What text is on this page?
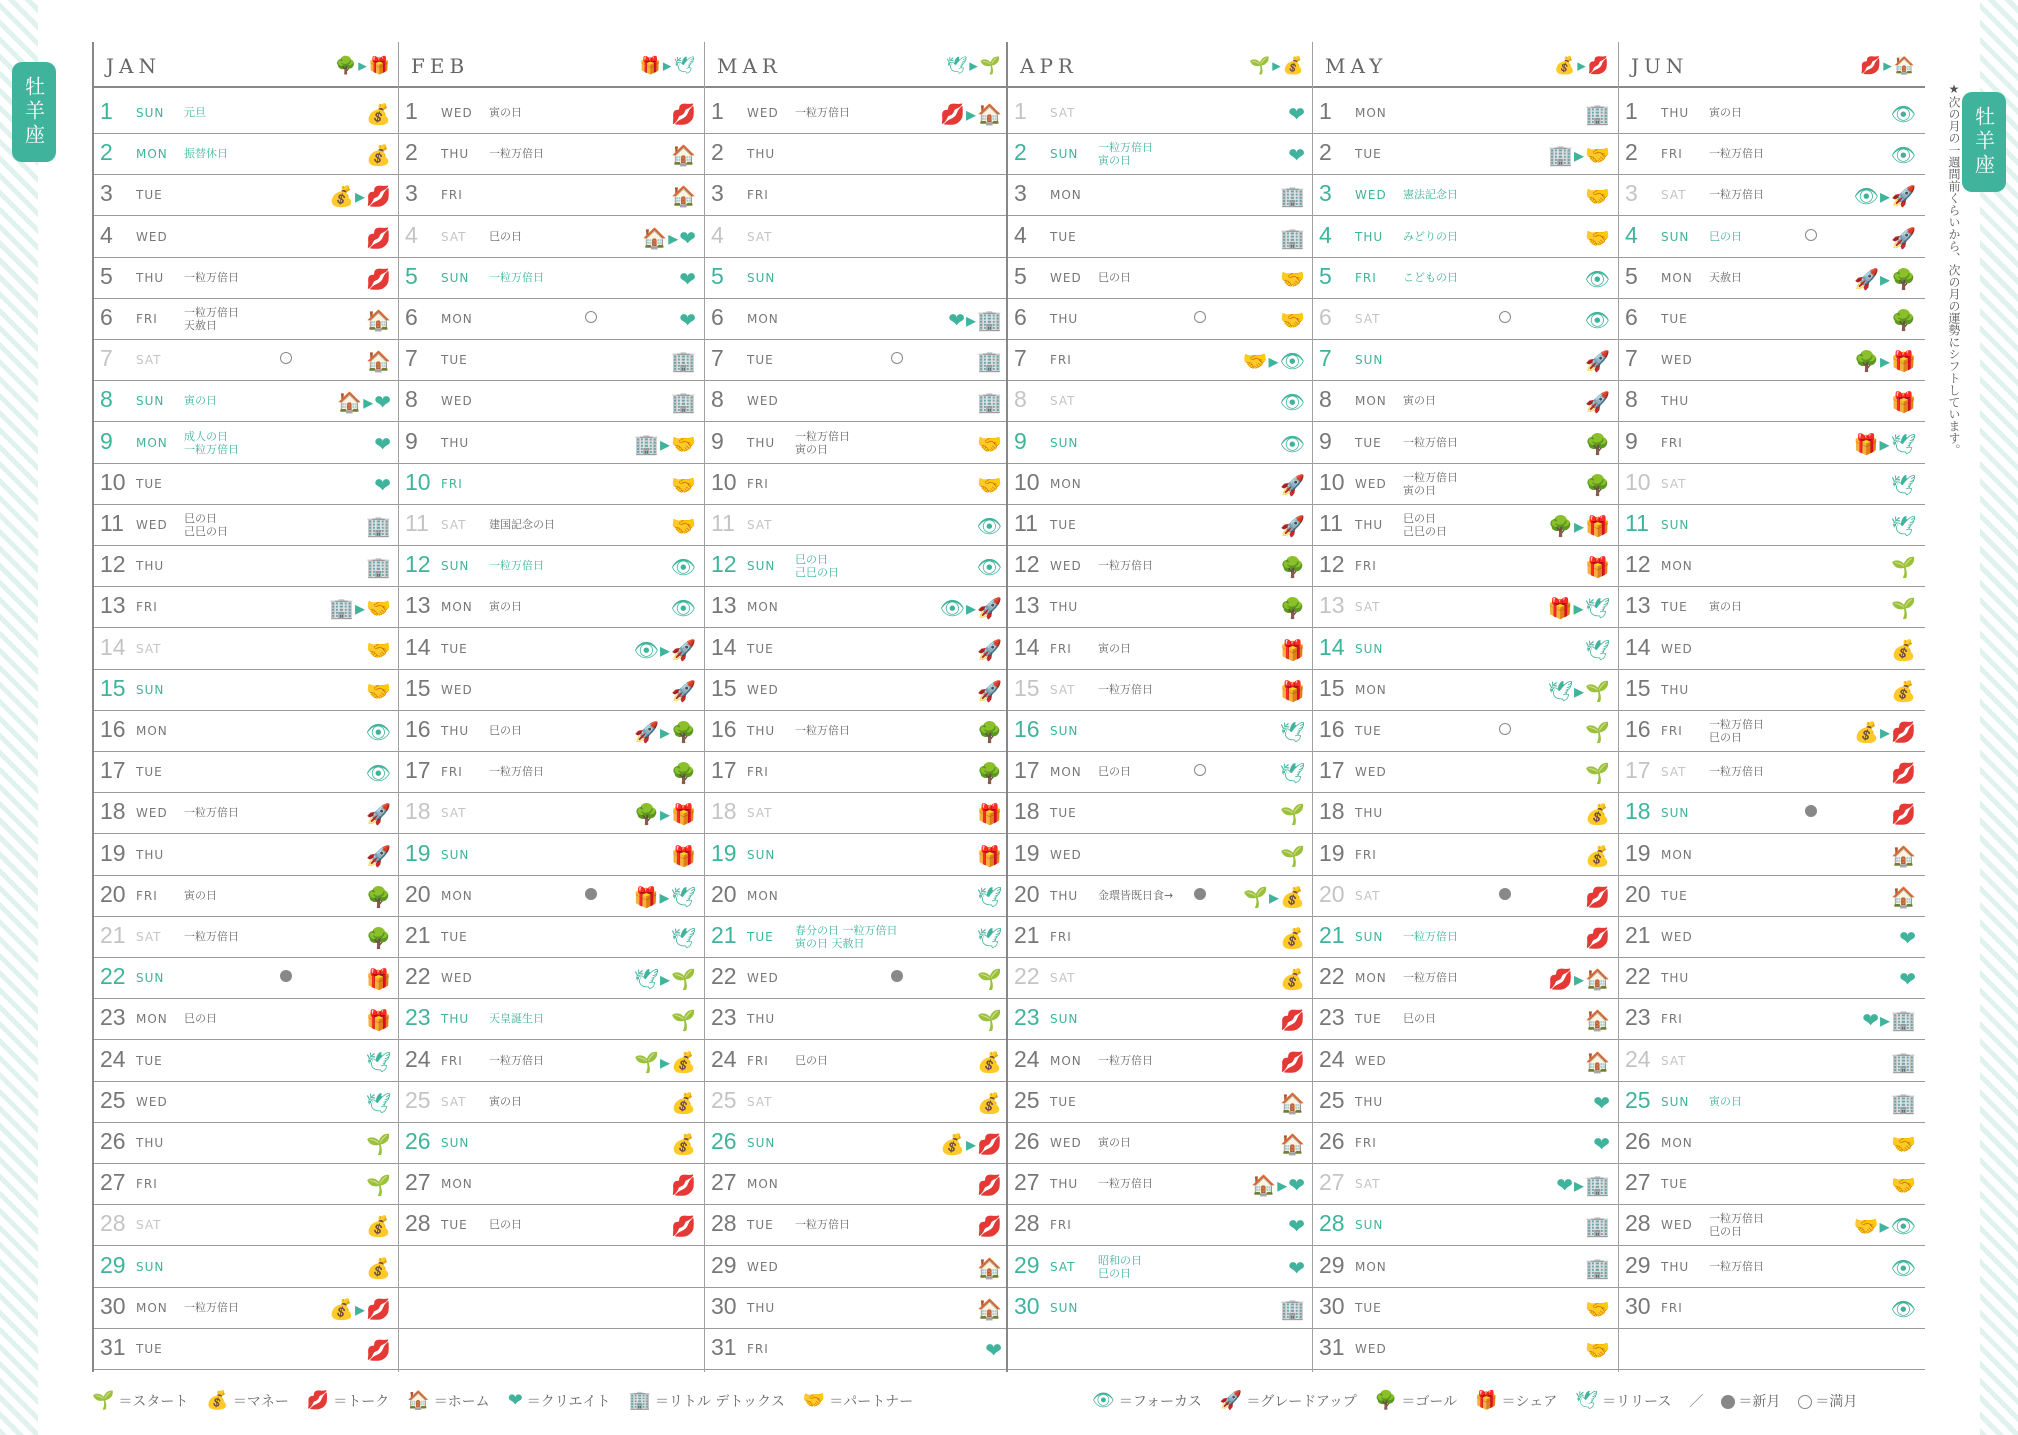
牡羊座	牡羊座
★次の月の一週間前くらいから、次の月の運勢にシフトしています。
JAN	🌳▸🎁
1 SUN 元旦	💰
2 MON 振替休日	💰
3 TUE	💰▸💋
4 WED	💋
5 THU 一粒万倍日	💋
6 FRI 一粒万倍日
天赦日	🏠
7 SAT	🏠
8 SUN 寅の日	🏠▸❤
9 MON 成人の日
一粒万倍日	❤
10 TUE	❤
11 WED 巳の日
己巳の日	🏢
12 THU	🏢
13 FRI	🏢▸🤝
14 SAT	🤝
15 SUN	🤝
16 MON	👁
17 TUE	👁
18 WED 一粒万倍日	🚀
19 THU	🚀
20 FRI 寅の日	🌳
21 SAT 一粒万倍日	🌳
22 SUN	🎁
23 MON 巳の日	🎁
24 TUE	🕊
25 WED	🕊
26 THU	🌱
27 FRI	🌱
28 SAT	💰
29 SUN	💰
30 MON 一粒万倍日	💰▸💋
31 TUE	💋
FEB	🎁▸🕊
1 WED 寅の日	💋
2 THU 一粒万倍日	🏠
3 FRI	🏠
4 SAT 巳の日	🏠▸❤
5 SUN 一粒万倍日	❤
6 MON	❤
7 TUE	🏢
8 WED	🏢
9 THU	🏢▸🤝
10 FRI	🤝
11 SAT 建国記念の日	🤝
12 SUN 一粒万倍日	👁
13 MON 寅の日	👁
14 TUE	👁▸🚀
15 WED	🚀
16 THU 巳の日	🚀▸🌳
17 FRI 一粒万倍日	🌳
18 SAT	🌳▸🎁
19 SUN	🎁
20 MON	🎁▸🕊
21 TUE	🕊
22 WED	🕊▸🌱
23 THU 天皇誕生日	🌱
24 FRI 一粒万倍日	🌱▸💰
25 SAT 寅の日	💰
26 SUN	💰
27 MON	💋
28 TUE 巳の日	💋
MAR	🕊▸🌱
1 WED 一粒万倍日	💋▸🏠
2 THU
3 FRI
4 SAT
5 SUN
6 MON	❤▸🏢
7 TUE	🏢
8 WED	🏢
9 THU 一粒万倍日
寅の日	🤝
10 FRI	🤝
11 SAT	👁
12 SUN 巳の日
己巳の日	👁
13 MON	👁▸🚀
14 TUE	🚀
15 WED	🚀
16 THU 一粒万倍日	🌳
17 FRI	🌳
18 SAT	🎁
19 SUN	🎁
20 MON	🕊
21 TUE 春分の日 一粒万倍日
寅の日 天赦日	🕊
22 WED	🌱
23 THU	🌱
24 FRI 巳の日	💰
25 SAT	💰
26 SUN	💰▸💋
27 MON	💋
28 TUE 一粒万倍日	💋
29 WED	🏠
30 THU	🏠
31 FRI	❤
APR	🌱▸💰
1 SAT	❤
2 SUN 一粒万倍日
寅の日	❤
3 MON	🏢
4 TUE	🏢
5 WED 巳の日	🤝
6 THU	🤝
7 FRI	🤝▸👁
8 SAT	👁
9 SUN	👁
10 MON	🚀
11 TUE	🚀
12 WED 一粒万倍日	🌳
13 THU	🌳
14 FRI 寅の日	🎁
15 SAT 一粒万倍日	🎁
16 SUN	🕊
17 MON 巳の日	🕊
18 TUE	🌱
19 WED	🌱
20 THU 金環皆既日食→	🌱▸💰
21 FRI	💰
22 SAT	💰
23 SUN	💋
24 MON 一粒万倍日	💋
25 TUE	🏠
26 WED 寅の日	🏠
27 THU 一粒万倍日	🏠▸❤
28 FRI	❤
29 SAT 昭和の日
巳の日	❤
30 SUN	🏢
MAY	💰▸💋
1 MON	🏢
2 TUE	🏢▸🤝
3 WED 憲法記念日	🤝
4 THU みどりの日	🤝
5 FRI こどもの日	👁
6 SAT	👁
7 SUN	🚀
8 MON 寅の日	🚀
9 TUE 一粒万倍日	🌳
10 WED 一粒万倍日
寅の日	🌳
11 THU 巳の日
己巳の日	🌳▸🎁
12 FRI	🎁
13 SAT	🎁▸🕊
14 SUN	🕊
15 MON	🕊▸🌱
16 TUE	🌱
17 WED	🌱
18 THU	💰
19 FRI	💰
20 SAT	💋
21 SUN 一粒万倍日	💋
22 MON 一粒万倍日	💋▸🏠
23 TUE 巳の日	🏠
24 WED	🏠
25 THU	❤
26 FRI	❤
27 SAT	❤▸🏢
28 SUN	🏢
29 MON	🏢
30 TUE	🤝
31 WED	🤝
JUN	💋▸🏠
1 THU 寅の日	👁
2 FRI 一粒万倍日	👁
3 SAT 一粒万倍日	👁▸🚀
4 SUN 巳の日	🚀
5 MON 天赦日	🚀▸🌳
6 TUE	🌳
7 WED	🌳▸🎁
8 THU	🎁
9 FRI	🎁▸🕊
10 SAT	🕊
11 SUN	🕊
12 MON	🌱
13 TUE 寅の日	🌱
14 WED	💰
15 THU	💰
16 FRI 一粒万倍日
巳の日	💰▸💋
17 SAT 一粒万倍日	💋
18 SUN	💋
19 MON	🏠
20 TUE	🏠
21 WED	❤
22 THU	❤
23 FRI	❤▸🏢
24 SAT	🏢
25 SUN 寅の日	🏢
26 MON	🤝
27 TUE	🤝
28 WED 一粒万倍日
巳の日	🤝▸👁
29 THU 一粒万倍日	👁
30 FRI	👁
🌱 ＝スタート 💰 ＝マネー 💋 ＝トーク 🏠 ＝ホーム ❤ ＝クリエイト 🏢 ＝リトル デトックス 🤝 ＝パートナー	👁 ＝フォーカス 🚀 ＝グレードアップ 🌳 ＝ゴール 🎁 ＝シェア 🕊 ＝リリース ／	＝新月	＝満月
